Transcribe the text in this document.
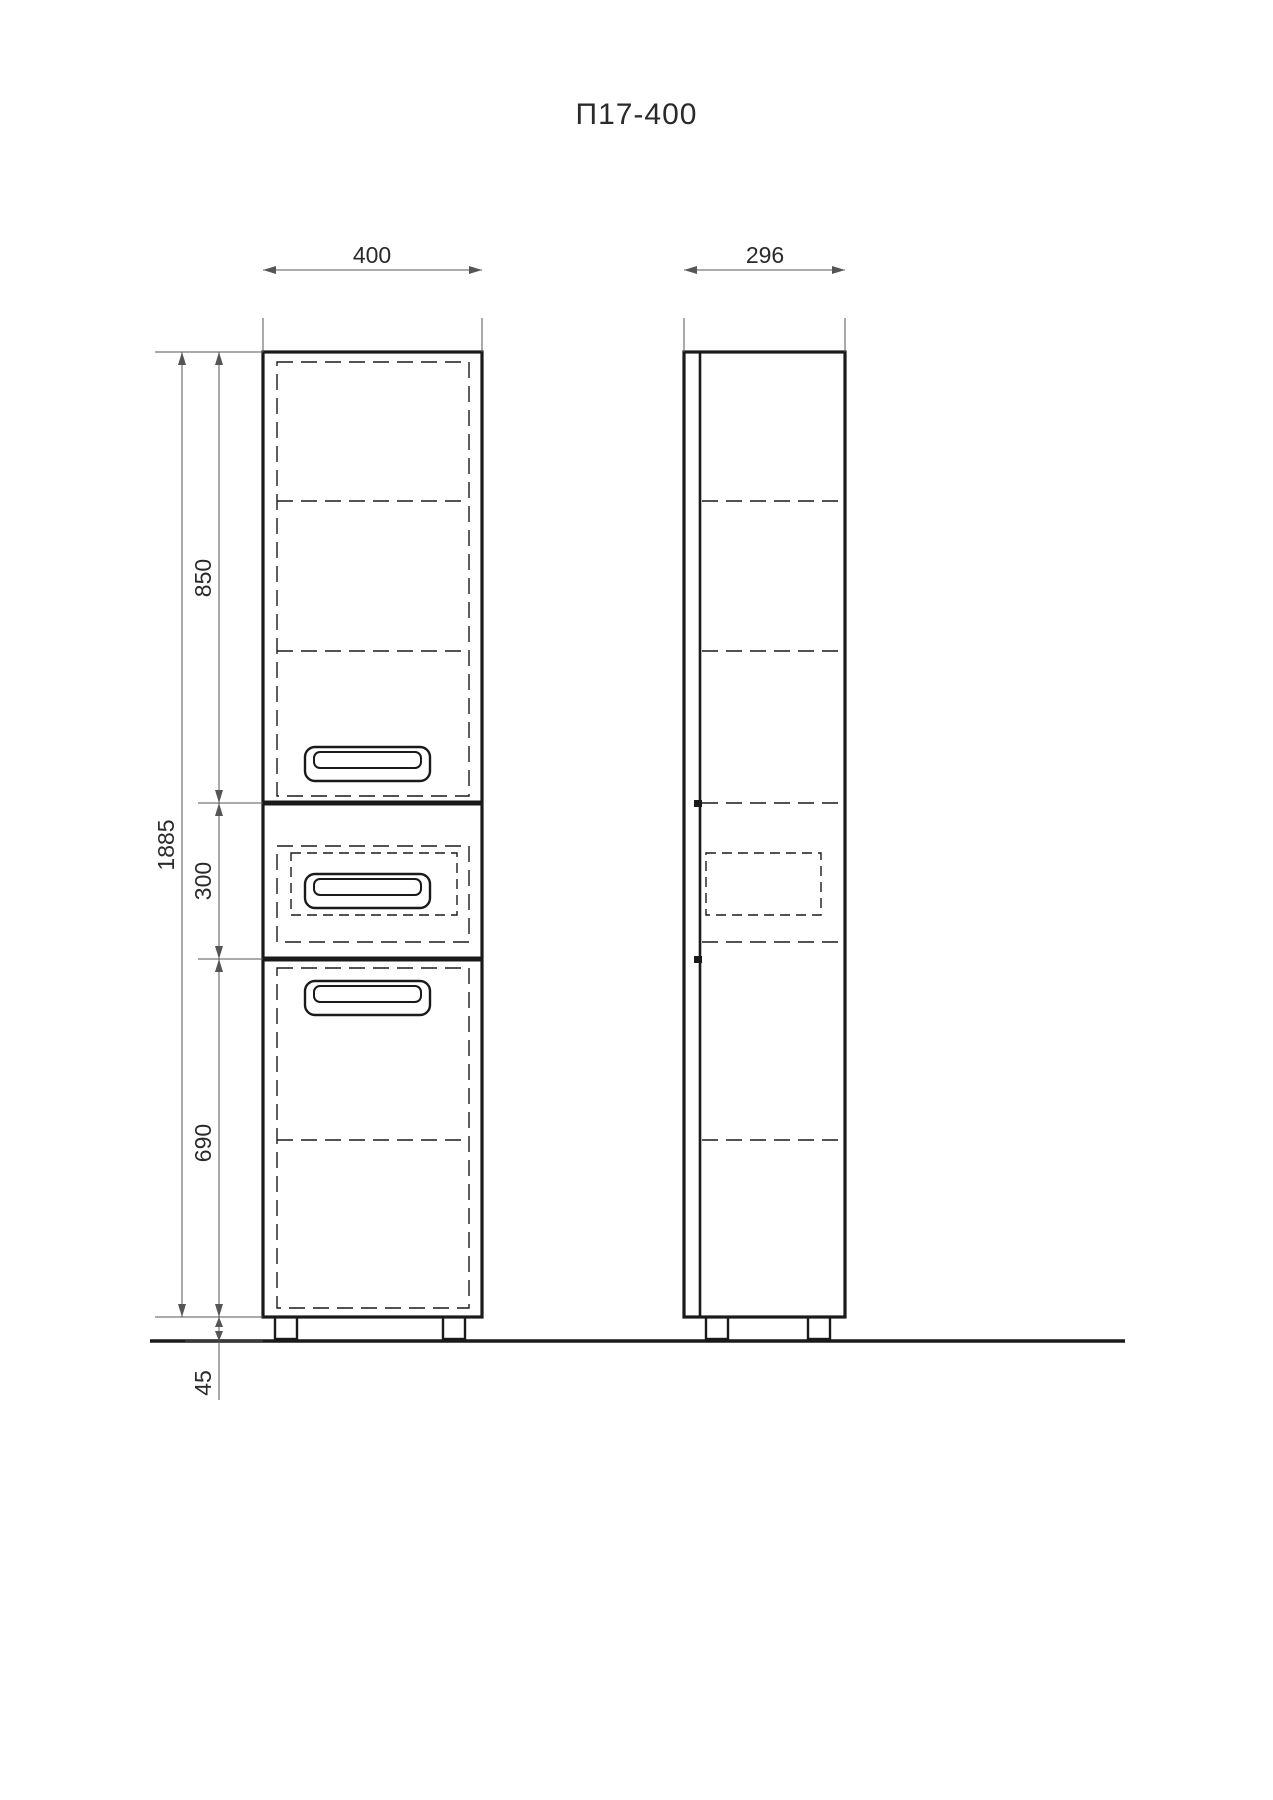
П17-400
400	296
850
300
690
1885
45
